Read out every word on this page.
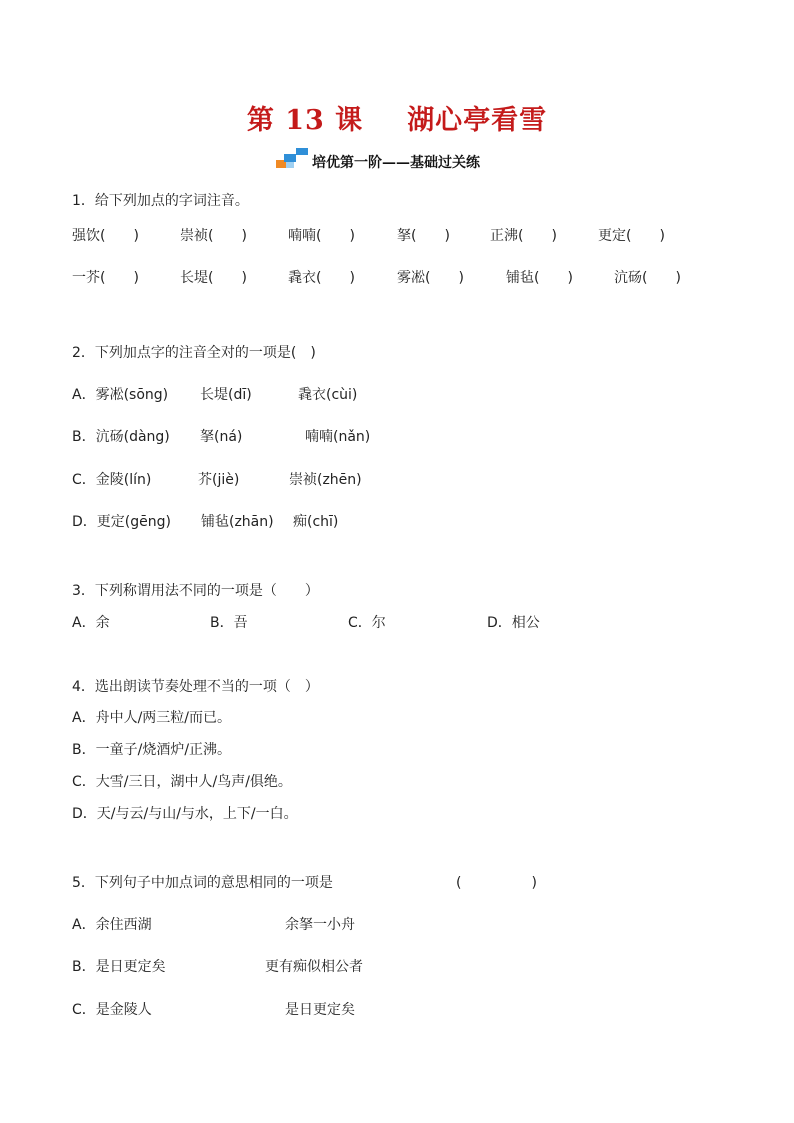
第 13 课 湖心亭看雪
培优第一阶——基础过关练
1．给下列加点的字词注音。
强饮(　　)	崇祯(　　)	喃喃(　　)	拏(　　)	正沸(　　)	更定(　　)
一芥(　　)	长堤(　　)	毳衣(　　)	雾凇(　　)	铺毡(　　)	沆砀(　　)
2．下列加点字的注音全对的一项是(　)
A．雾凇(sōng) 长堤(dī)	毳衣(cùi)
B．沆砀(dàng) 拏(ná)	喃喃(nǎn)
C．金陵(lín)	芥(jiè)	崇祯(zhēn)
D．更定(gēng) 铺毡(zhān) 痴(chī)
3．下列称谓用法不同的一项是（　　）
A．余	B．吾	C．尔	D．相公
4．选出朗读节奏处理不当的一项（　）
A．舟中人/两三粒/而已。
B．一童子/烧酒炉/正沸。
C．大雪/三日，湖中人/鸟声/俱绝。
D．天/与云/与山/与水，上下/一白。
5．下列句子中加点词的意思相同的一项是	(　　　　　)
A．余住西湖	余拏一小舟
B．是日更定矣	更有痴似相公者
C．是金陵人	是日更定矣
